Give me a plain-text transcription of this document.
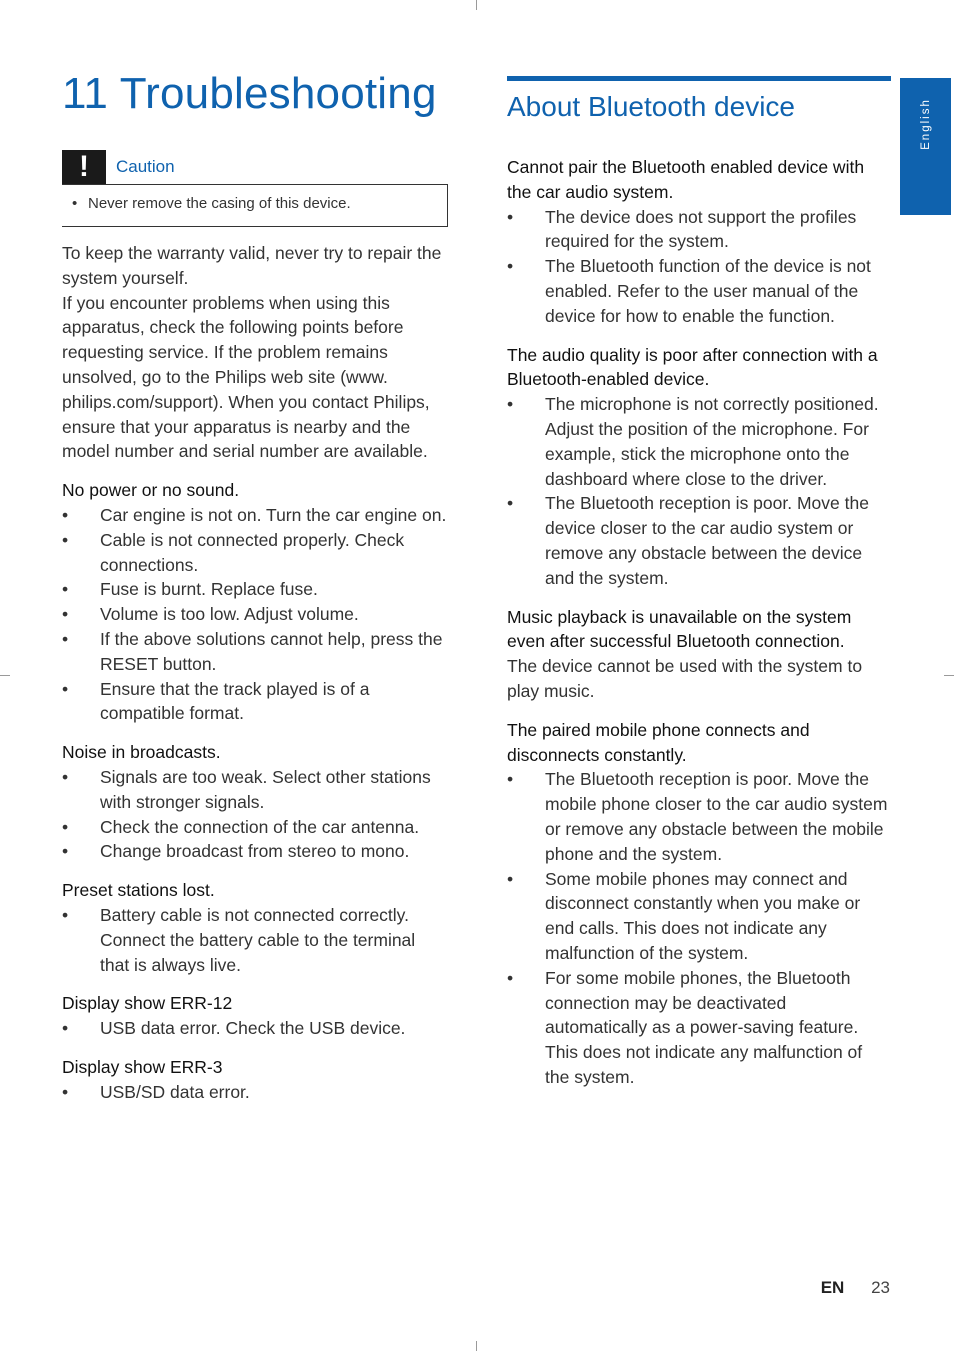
11 Troubleshooting
!	Caution
• Never remove the casing of this device.

To keep the warranty valid, never try to repair the system yourself.
If you encounter problems when using this apparatus, check the following points before requesting service. If the problem remains unsolved, go to the Philips web site (www. philips.com/support). When you contact Philips, ensure that your apparatus is nearby and the model number and serial number are available.

No power or no sound.

• Car engine is not on. Turn the car engine on.
• Cable is not connected properly. Check connections.
• Fuse is burnt. Replace fuse.
• Volume is too low. Adjust volume.
• If the above solutions cannot help, press the RESET button.
• Ensure that the track played is of a compatible format.

Noise in broadcasts.

• Signals are too weak. Select other stations with stronger signals.
• Check the connection of the car antenna.
• Change broadcast from stereo to mono.

Preset stations lost.

• Battery cable is not connected correctly. Connect the battery cable to the terminal that is always live.

Display show ERR-12

• USB data error. Check the USB device.

Display show ERR-3

• USB/SD data error.
About Bluetooth device

Cannot pair the Bluetooth enabled device with the car audio system.

• The device does not support the profiles required for the system.
• The Bluetooth function of the device is not enabled. Refer to the user manual of the device for how to enable the function.

The audio quality is poor after connection with a Bluetooth-enabled device.

• The microphone is not correctly positioned. Adjust the position of the microphone. For example, stick the microphone onto the dashboard where close to the driver.
• The Bluetooth reception is poor. Move the device closer to the car audio system or remove any obstacle between the device and the system.

Music playback is unavailable on the system even after successful Bluetooth connection.

The device cannot be used with the system to play music.

The paired mobile phone connects and disconnects constantly.

• The Bluetooth reception is poor. Move the mobile phone closer to the car audio system or remove any obstacle between the mobile phone and the system.
• Some mobile phones may connect and disconnect constantly when you make or end calls. This does not indicate any malfunction of the system.
• For some mobile phones, the Bluetooth connection may be deactivated automatically as a power-saving feature. This does not indicate any malfunction of the system.
English
EN 23
